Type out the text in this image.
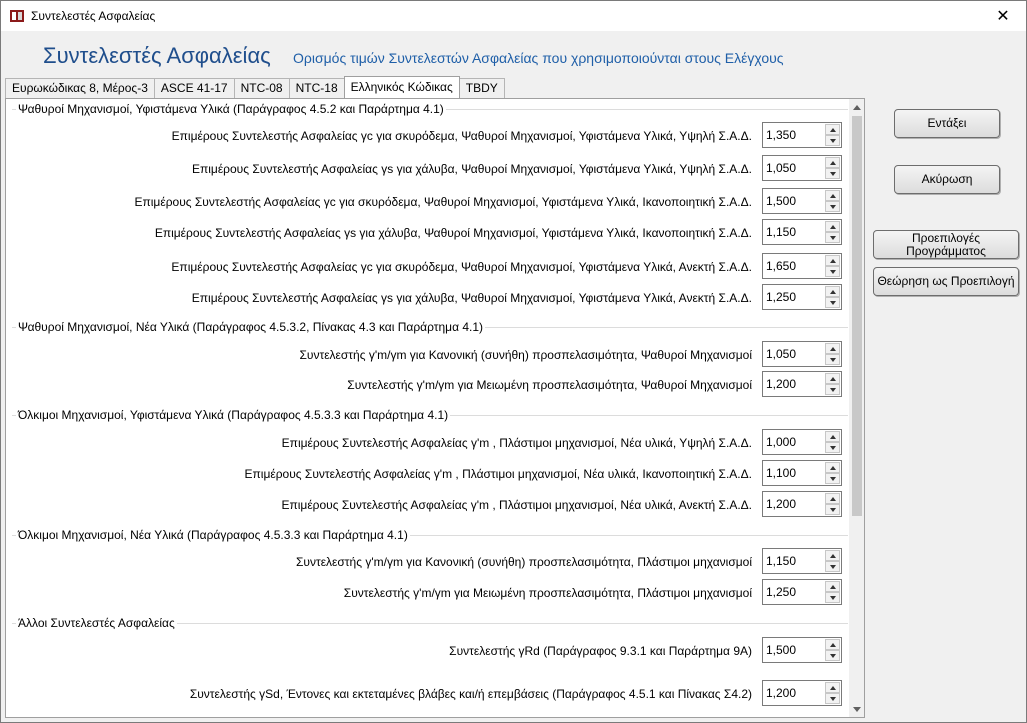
Συντελεστές Ασφαλείας	✕
Συντελεστές Ασφαλείας Ορισμός τιμών Συντελεστών Ασφαλείας που χρησιμοποιούνται στους Ελέγχους
Ευρωκώδικας 8, Μέρος-3	ASCE 41-17	NTC-08	NTC-18	Ελληνικός Κώδικας	TBDY
Ψαθυροί Μηχανισμοί, Υφιστάμενα Υλικά (Παράγραφος 4.5.2 και Παράρτημα 4.1)
Επιμέρους Συντελεστής Ασφαλείας γc για σκυρόδεμα, Ψαθυροί Μηχανισμοί, Υφιστάμενα Υλικά, Υψηλή Σ.Α.Δ. 1,350
Επιμέρους Συντελεστής Ασφαλείας γs για χάλυβα, Ψαθυροί Μηχανισμοί, Υφιστάμενα Υλικά, Υψηλή Σ.Α.Δ. 1,050
Επιμέρους Συντελεστής Ασφαλείας γc για σκυρόδεμα, Ψαθυροί Μηχανισμοί, Υφιστάμενα Υλικά, Ικανοποιητική Σ.Α.Δ. 1,500
Επιμέρους Συντελεστής Ασφαλείας γs για χάλυβα, Ψαθυροί Μηχανισμοί, Υφιστάμενα Υλικά, Ικανοποιητική Σ.Α.Δ. 1,150
Επιμέρους Συντελεστής Ασφαλείας γc για σκυρόδεμα, Ψαθυροί Μηχανισμοί, Υφιστάμενα Υλικά, Ανεκτή Σ.Α.Δ. 1,650
Επιμέρους Συντελεστής Ασφαλείας γs για χάλυβα, Ψαθυροί Μηχανισμοί, Υφιστάμενα Υλικά, Ανεκτή Σ.Α.Δ. 1,250
Ψαθυροί Μηχανισμοί, Νέα Υλικά (Παράγραφος 4.5.3.2, Πίνακας 4.3 και Παράρτημα 4.1)
Συντελεστής γ'm/γm για Κανονική (συνήθη) προσπελασιμότητα, Ψαθυροί Μηχανισμοί 1,050
Συντελεστής γ'm/γm για Μειωμένη προσπελασιμότητα, Ψαθυροί Μηχανισμοί 1,200
Όλκιμοι Μηχανισμοί, Υφιστάμενα Υλικά (Παράγραφος 4.5.3.3 και Παράρτημα 4.1)
Επιμέρους Συντελεστής Ασφαλείας γ'm , Πλάστιμοι μηχανισμοί, Νέα υλικά, Υψηλή Σ.Α.Δ. 1,000
Επιμέρους Συντελεστής Ασφαλείας γ'm , Πλάστιμοι μηχανισμοί, Νέα υλικά, Ικανοποιητική Σ.Α.Δ. 1,100
Επιμέρους Συντελεστής Ασφαλείας γ'm , Πλάστιμοι μηχανισμοί, Νέα υλικά, Ανεκτή Σ.Α.Δ. 1,200
Όλκιμοι Μηχανισμοί, Νέα Υλικά (Παράγραφος 4.5.3.3 και Παράρτημα 4.1)
Συντελεστής γ'm/γm για Κανονική (συνήθη) προσπελασιμότητα, Πλάστιμοι μηχανισμοί 1,150
Συντελεστής γ'm/γm για Μειωμένη προσπελασιμότητα, Πλάστιμοι μηχανισμοί 1,250
Άλλοι Συντελεστές Ασφαλείας
Συντελεστής γRd (Παράγραφος 9.3.1 και Παράρτημα 9Α) 1,500
Συντελεστής γSd, Έντονες και εκτεταμένες βλάβες και/ή επεμβάσεις (Παράγραφος 4.5.1 και Πίνακας Σ4.2) 1,200
Εντάξει
Ακύρωση
Προεπιλογές Προγράμματος
Θεώρηση ως Προεπιλογή
